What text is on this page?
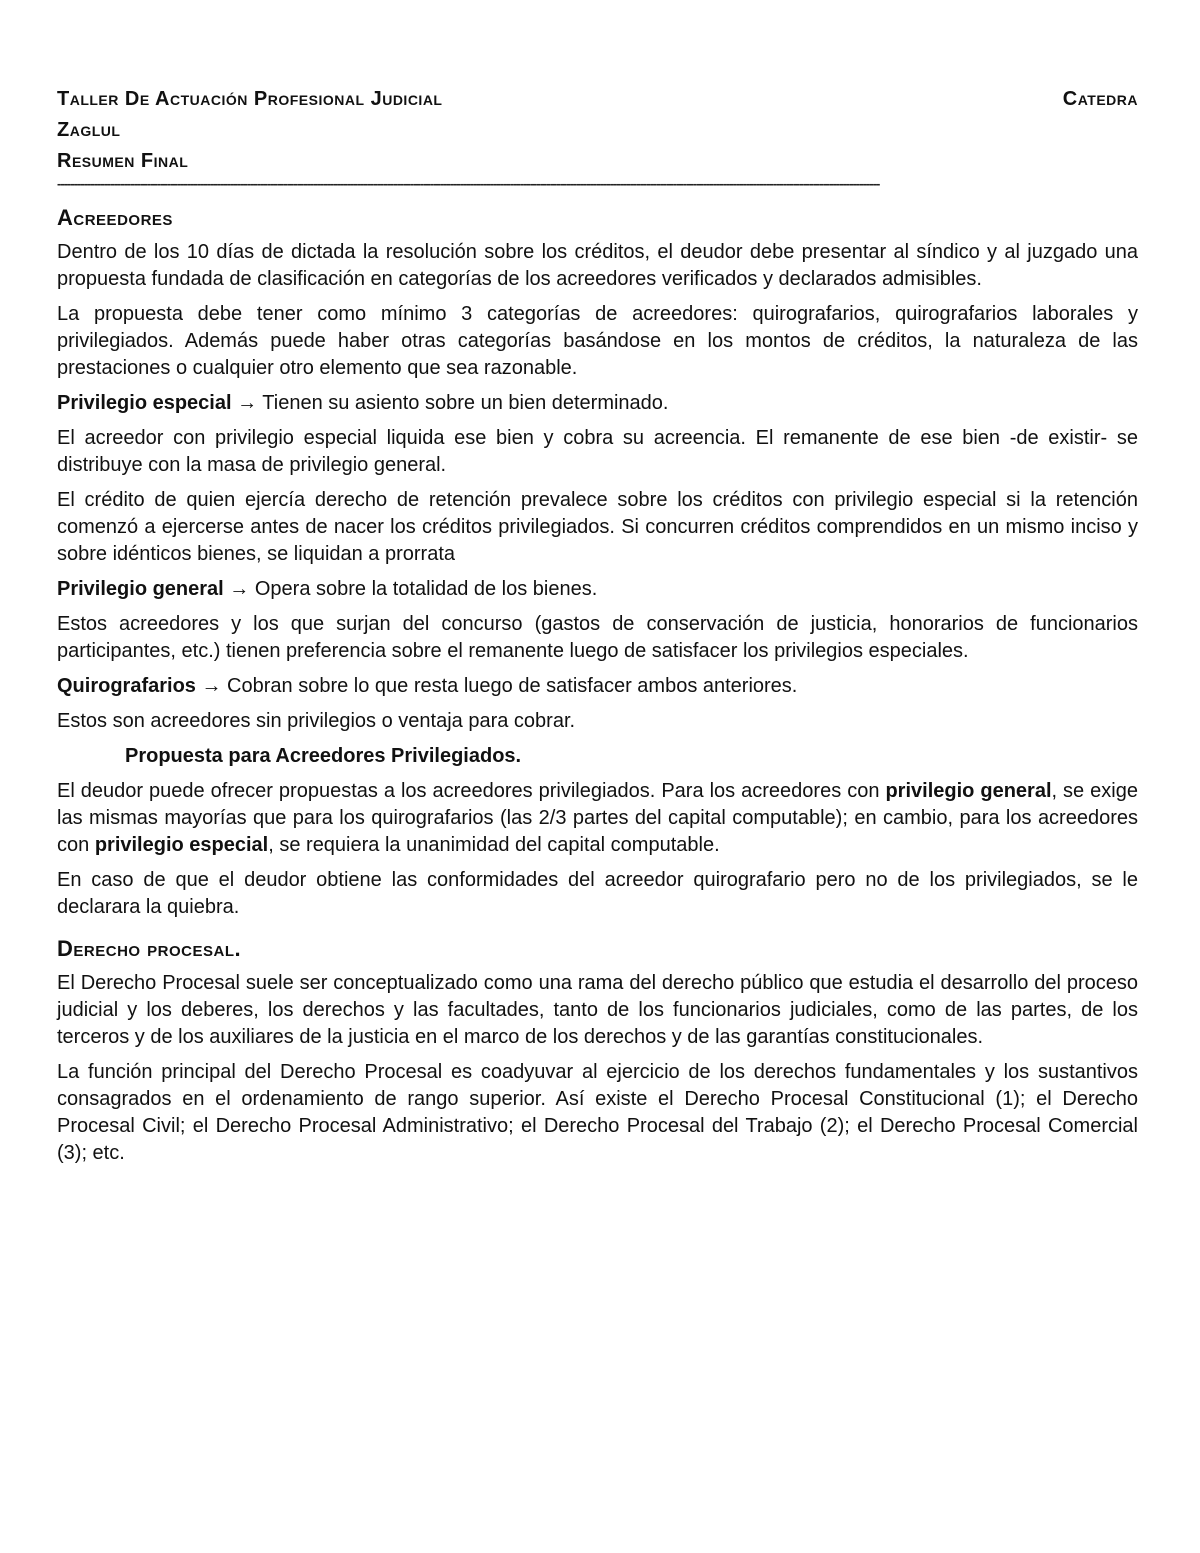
Taller De Actuación Profesional Judicial	Catedra
Zaglul
Resumen Final
-------------------------------------------------------------------------------------------------------------------------------------------------------------------------------------------------------------------------------------------------------
Acreedores

Dentro de los 10 días de dictada la resolución sobre los créditos, el deudor debe presentar al síndico y al juzgado una propuesta fundada de clasificación en categorías de los acreedores verificados y declarados admisibles.

La propuesta debe tener como mínimo 3 categorías de acreedores: quirografarios, quirografarios laborales y privilegiados. Además puede haber otras categorías basándose en los montos de créditos, la naturaleza de las prestaciones o cualquier otro elemento que sea razonable.

Privilegio especial → Tienen su asiento sobre un bien determinado.

El acreedor con privilegio especial liquida ese bien y cobra su acreencia. El remanente de ese bien -de existir- se distribuye con la masa de privilegio general.

El crédito de quien ejercía derecho de retención prevalece sobre los créditos con privilegio especial si la retención comenzó a ejercerse antes de nacer los créditos privilegiados. Si concurren créditos comprendidos en un mismo inciso y sobre idénticos bienes, se liquidan a prorrata

Privilegio general → Opera sobre la totalidad de los bienes.

Estos acreedores y los que surjan del concurso (gastos de conservación de justicia, honorarios de funcionarios participantes, etc.) tienen preferencia sobre el remanente luego de satisfacer los privilegios especiales.

Quirografarios → Cobran sobre lo que resta luego de satisfacer ambos anteriores.

Estos son acreedores sin privilegios o ventaja para cobrar.

Propuesta para Acreedores Privilegiados.

El deudor puede ofrecer propuestas a los acreedores privilegiados. Para los acreedores con privilegio general, se exige las mismas mayorías que para los quirografarios (las 2/3 partes del capital computable); en cambio, para los acreedores con privilegio especial, se requiera la unanimidad del capital computable.

En caso de que el deudor obtiene las conformidades del acreedor quirografario pero no de los privilegiados, se le declarara la quiebra.

Derecho procesal.

El Derecho Procesal suele ser conceptualizado como una rama del derecho público que estudia el desarrollo del proceso judicial y los deberes, los derechos y las facultades, tanto de los funcionarios judiciales, como de las partes, de los terceros y de los auxiliares de la justicia en el marco de los derechos y de las garantías constitucionales.

La función principal del Derecho Procesal es coadyuvar al ejercicio de los derechos fundamentales y los sustantivos consagrados en el ordenamiento de rango superior. Así existe el Derecho Procesal Constitucional (1); el Derecho Procesal Civil; el Derecho Procesal Administrativo; el Derecho Procesal del Trabajo (2); el Derecho Procesal Comercial (3); etc.
